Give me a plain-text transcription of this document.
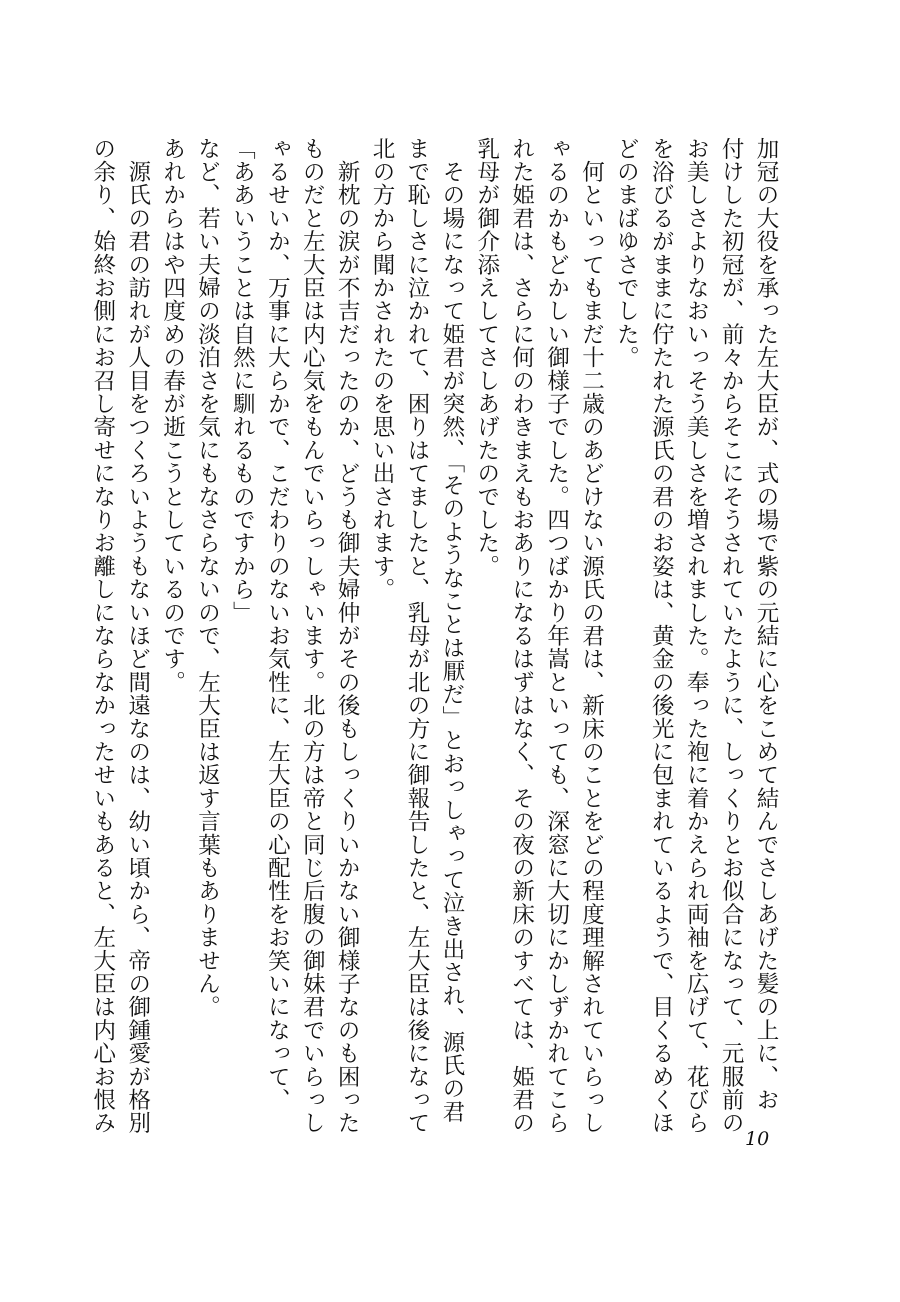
加冠の大役を承った左大臣が、式の場で紫の元結に心をこめて結んでさしあげた髪の上に、お
付けした初冠が、前々からそこにそうされていたように、しっくりとお似合になって、元服前の
お美しさよりなおいっそう美しさを増されました。奉った袍に着かえられ両袖を広げて、花びら
を浴びるがままに佇たれた源氏の君のお姿は、黄金の後光に包まれているようで、目くるめくほ
どのまばゆさでした。
　何といってもまだ十二歳のあどけない源氏の君は、新床のことをどの程度理解されていらっし
ゃるのかもどかしい御様子でした。四つばかり年嵩といっても、深窓に大切にかしずかれてこら
れた姫君は、さらに何のわきまえもおありになるはずはなく、その夜の新床のすべては、姫君の
乳母が御介添えしてさしあげたのでした。
　その場になって姫君が突然、「そのようなことは厭だ」とおっしゃって泣き出され、源氏の君
まで恥しさに泣かれて、困りはてましたと、乳母が北の方に御報告したと、左大臣は後になって
北の方から聞かされたのを思い出されます。
　新枕の涙が不吉だったのか、どうも御夫婦仲がその後もしっくりいかない御様子なのも困った
ものだと左大臣は内心気をもんでいらっしゃいます。北の方は帝と同じ后腹の御妹君でいらっし
ゃるせいか、万事に大らかで、こだわりのないお気性に、左大臣の心配性をお笑いになって、
「ああいうことは自然に馴れるものですから」
など、若い夫婦の淡泊さを気にもなさらないので、左大臣は返す言葉もありません。
あれからはや四度めの春が逝こうとしているのです。
　源氏の君の訪れが人目をつくろいようもないほど間遠なのは、幼い頃から、帝の御鍾愛が格別
の余り、始終お側にお召し寄せになりお離しにならなかったせいもあると、左大臣は内心お恨み
10
